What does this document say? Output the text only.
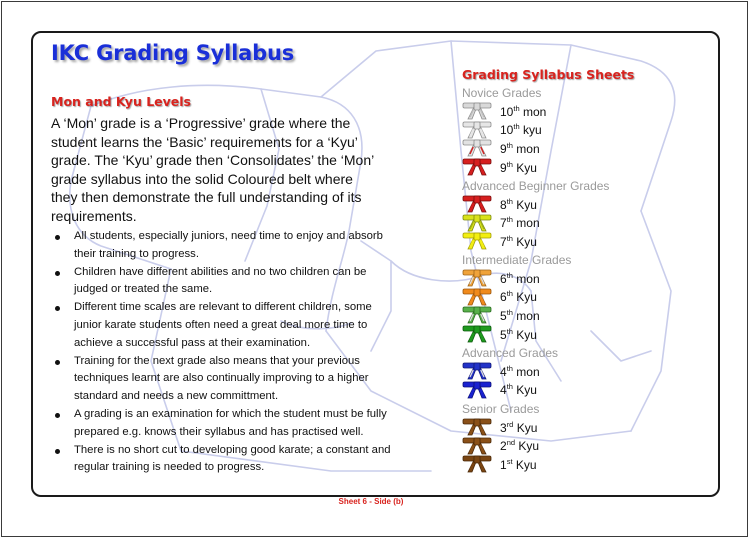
IKC Grading Syllabus
Mon and Kyu Levels

A ‘Mon’ grade is a ‘Progressive’ grade where the student learns the ‘Basic’ requirements for a ‘Kyu’ grade. The ‘Kyu’ grade then ‘Consolidates’ the ‘Mon’ grade syllabus into the solid Coloured belt where they then demonstrate the full understanding of its requirements.

All students, especially juniors, need time to enjoy and absorb their training to progress.
Children have different abilities and no two children can be judged or treated the same.
Different time scales are relevant to different children, some junior karate students often need a great deal more time to achieve a successful pass at their examination.
Training for the next grade also means that your previous techniques learnt are also continually improving to a higher standard and needs a new committment.
A grading is an examination for which the student must be fully prepared e.g. knows their syllabus and has practised well.
There is no short cut to developing good karate; a constant and regular training is needed to progress.
Grading Syllabus Sheets
Novice Grades
10th mon
10th kyu
9th mon
9th Kyu
Advanced Beginner Grades
8th Kyu
7th mon
7th Kyu
Intermediate Grades
6th mon
6th Kyu
5th mon
5th Kyu
Advanced Grades
4th mon
4th Kyu
Senior Grades
3rd Kyu
2nd Kyu
1st Kyu
Sheet 6 - Side (b)
